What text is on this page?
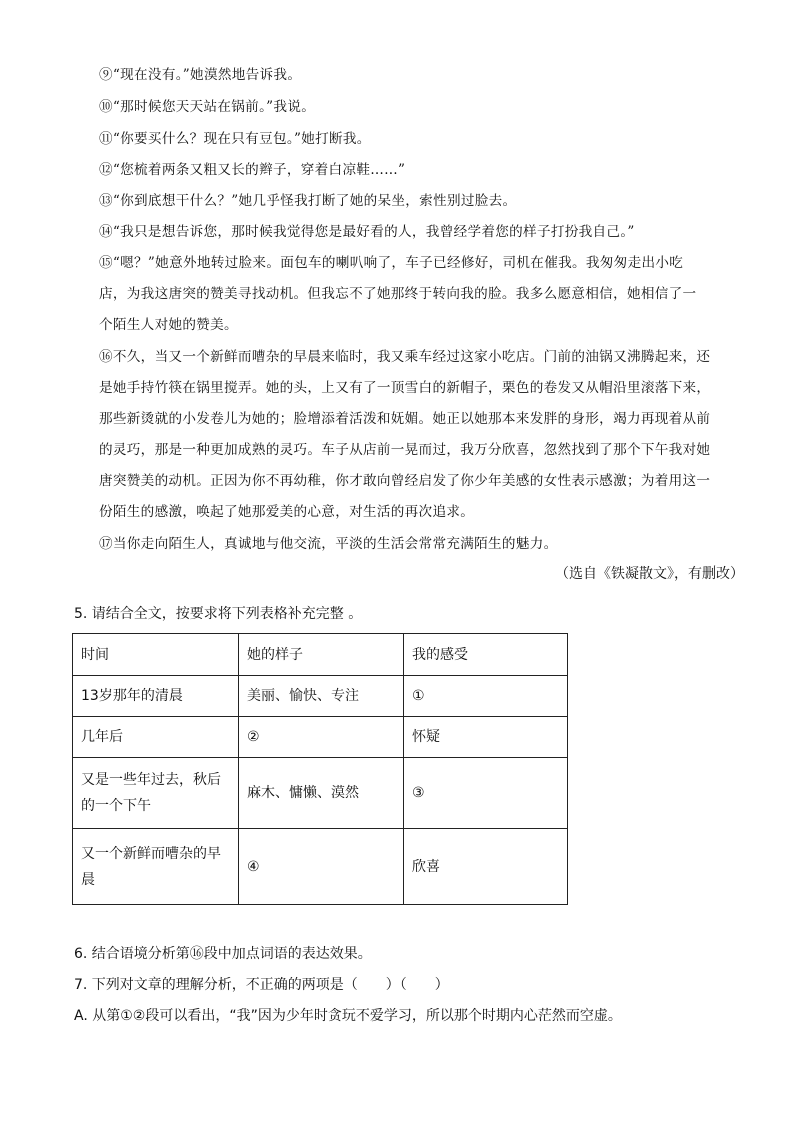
⑨“现在没有。”她漠然地告诉我。
⑩“那时候您天天站在锅前。”我说。
⑪“你要买什么？现在只有豆包。”她打断我。
⑫“您梳着两条又粗又长的辫子，穿着白凉鞋……”
⑬“你到底想干什么？”她几乎怪我打断了她的呆坐，索性别过脸去。
⑭“我只是想告诉您，那时候我觉得您是最好看的人，我曾经学着您的样子打扮我自己。”
⑮“嗯？”她意外地转过脸来。面包车的喇叭响了，车子已经修好，司机在催我。我匆匆走出小吃店，为我这唐突的赞美寻找动机。但我忘不了她那终于转向我的脸。我多么愿意相信，她相信了一个陌生人对她的赞美。
⑯不久，当又一个新鲜而嘈杂的早晨来临时，我又乘车经过这家小吃店。门前的油锅又沸腾起来，还是她手持竹筷在锅里搅弄。她的头，上又有了一顶雪白的新帽子，栗色的卷发又从帽沿里滚落下来，那些新烫就的小发卷儿为她的；脸增添着活泼和妩媚。她正以她那本来发胖的身形，竭力再现着从前的灵巧，那是一种更加成熟的灵巧。车子从店前一晃而过，我万分欣喜，忽然找到了那个下午我对她唐突赞美的动机。正因为你不再幼稚，你才敢向曾经启发了你少年美感的女性表示感激；为着用这一份陌生的感激，唤起了她那爱美的心意，对生活的再次追求。
⑰当你走向陌生人，真诚地与他交流，平淡的生活会常常充满陌生的魅力。
（选自《铁凝散文》，有删改）
5. 请结合全文，按要求将下列表格补充完整 。
时间	她的样子	我的感受
13岁那年的清晨	美丽、愉快、专注	①
几年后	②	怀疑
又是一些年过去，秋后的一个下午	麻木、慵懒、漠然	③
又一个新鲜而嘈杂的早晨	④	欣喜
6. 结合语境分析第⑯段中加点词语的表达效果。
7. 下列对文章的理解分析，不正确的两项是（　　）（　　）
A. 从第①②段可以看出，“我”因为少年时贪玩不爱学习，所以那个时期内心茫然而空虚。
